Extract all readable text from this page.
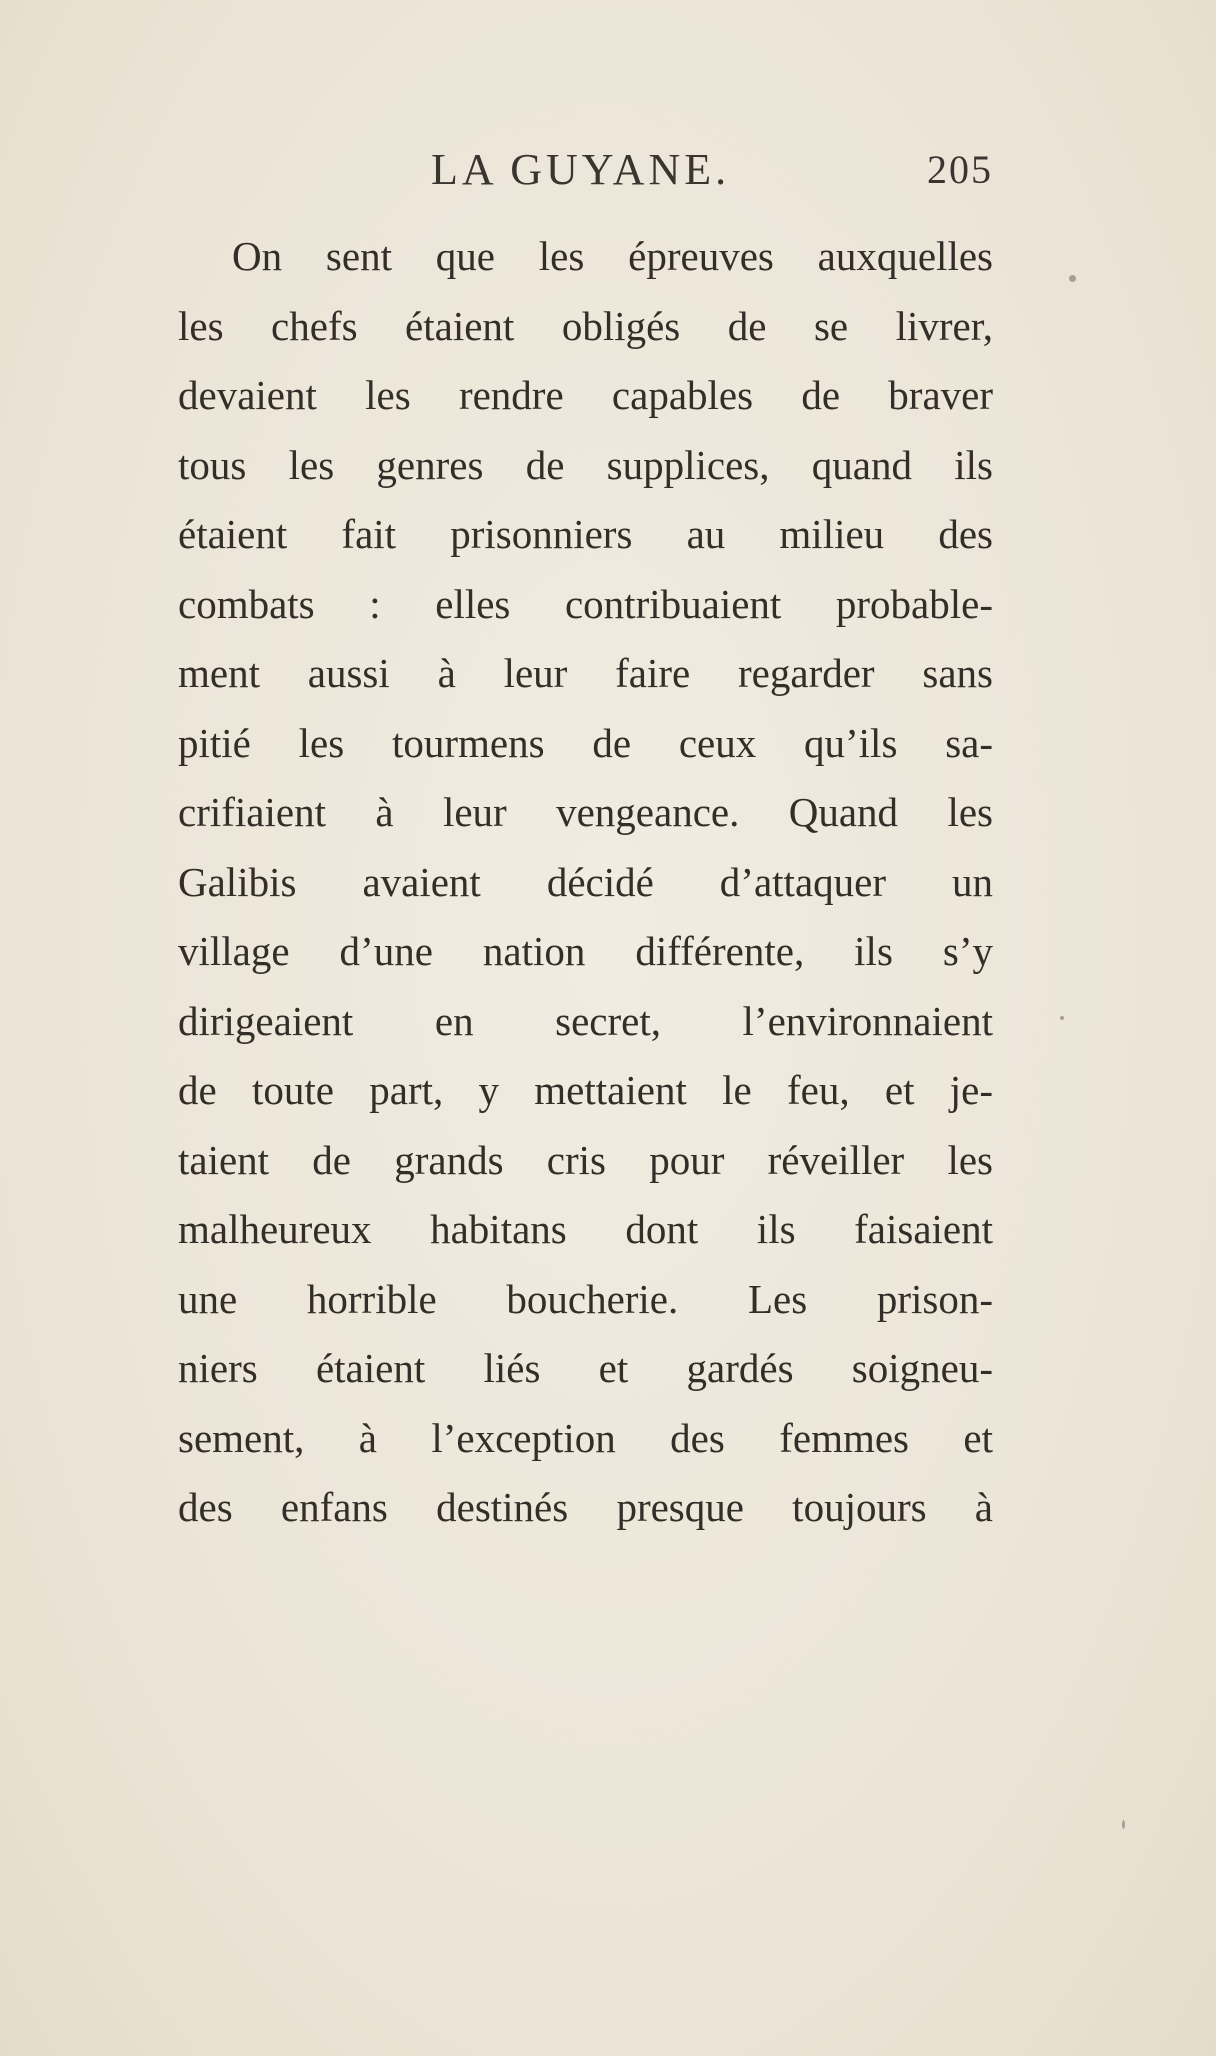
LA GUYANE.	205
On sent que les épreuves auxquelles
les chefs étaient obligés de se livrer,
devaient les rendre capables de braver
tous les genres de supplices, quand ils
étaient fait prisonniers au milieu des
combats : elles contribuaient probable-
ment aussi à leur faire regarder sans
pitié les tourmens de ceux qu’ils sa-
crifiaient à leur vengeance. Quand les
Galibis avaient décidé d’attaquer un
village d’une nation différente, ils s’y
dirigeaient en secret, l’environnaient
de toute part, y mettaient le feu, et je-
taient de grands cris pour réveiller les
malheureux habitans dont ils faisaient
une horrible boucherie. Les prison-
niers étaient liés et gardés soigneu-
sement, à l’exception des femmes et
des enfans destinés presque toujours à
